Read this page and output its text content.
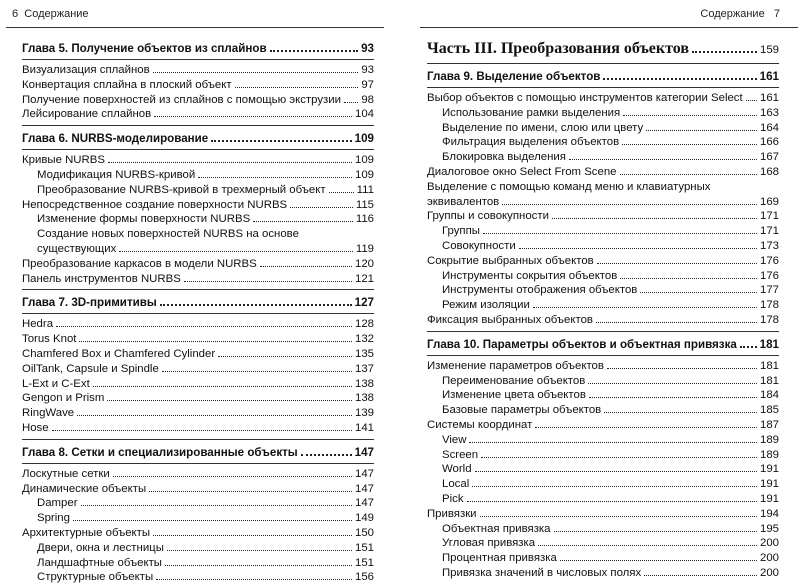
6 Содержание
Глава 5. Получение объектов из сплайнов	93
Визуализация сплайнов	93
Конвертация сплайна в плоский объект	97
Получение поверхностей из сплайнов с помощью экструзии 98
Лейсирование сплайнов	104
Глава 6. NURBS-моделирование	109
Кривые NURBS	109
Модификация NURBS-кривой	109
Преобразование NURBS-кривой в трехмерный объект	111
Непосредственное создание поверхности NURBS	115
Изменение формы поверхности NURBS	116
Создание новых поверхностей NURBS на основе
существующих	119
Преобразование каркасов в модели NURBS	120
Панель инструментов NURBS	121
Глава 7. 3D-примитивы	127
Hedra	128
Torus Knot	132
Chamfered Box и Chamfered Cylinder	135
OilTank, Capsule и Spindle	137
L-Ext и C-Ext	138
Gengon и Prism	138
RingWave	139
Hose	141
Глава 8. Сетки и специализированные объекты	147
Лоскутные сетки	147
Динамические объекты	147
Damper	147
Spring	149
Архитектурные объекты	150
Двери, окна и лестницы	151
Ландшафтные объекты	151
Структурные объекты	156
Содержание 7
Часть III. Преобразования объектов	159
Глава 9. Выделение объектов	161
Выбор объектов с помощью инструментов категории Select 161
Использование рамки выделения	163
Выделение по имени, слою или цвету	164
Фильтрация выделения объектов	166
Блокировка выделения	167
Диалоговое окно Select From Scene	168
Выделение с помощью команд меню и клавиатурных
эквивалентов	169
Группы и совокупности	171
Группы	171
Совокупности	173
Сокрытие выбранных объектов	176
Инструменты сокрытия объектов	176
Инструменты отображения объектов	177
Режим изоляции	178
Фиксация выбранных объектов	178
Глава 10. Параметры объектов и объектная привязка 181
Изменение параметров объектов	181
Переименование объектов	181
Изменение цвета объектов	184
Базовые параметры объектов	185
Системы координат	187
View	189
Screen	189
World	191
Local	191
Pick	191
Привязки	194
Объектная привязка	195
Угловая привязка	200
Процентная привязка	200
Привязка значений в числовых полях	200
